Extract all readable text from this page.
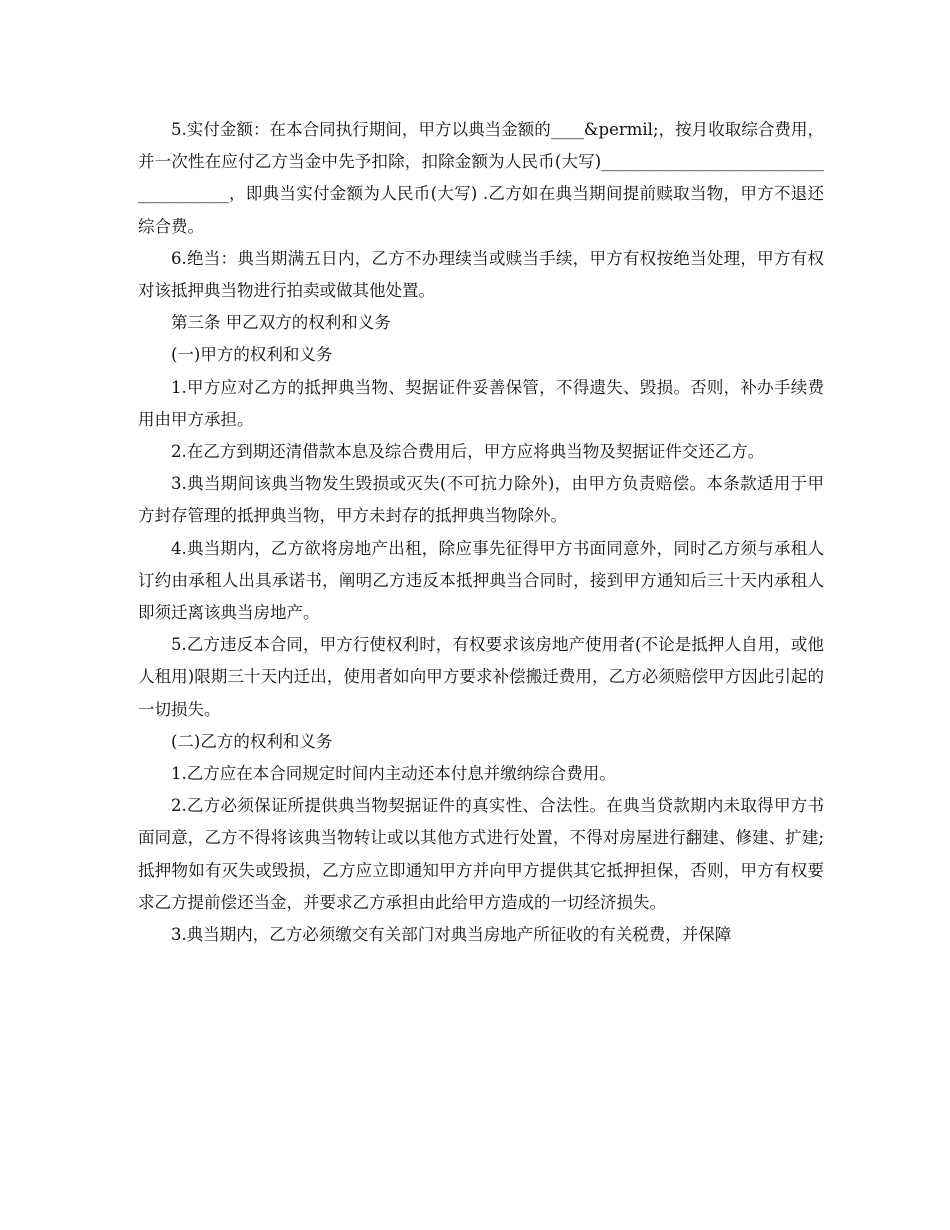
5.实付金额：在本合同执行期间，甲方以典当金额的____&permil;，按月收取综合费用，并一次性在应付乙方当金中先予扣除，扣除金额为人民币(大写)______________________________________，即典当实付金额为人民币(大写) .乙方如在典当期间提前赎取当物，甲方不退还综合费。

6.绝当：典当期满五日内，乙方不办理续当或赎当手续，甲方有权按绝当处理，甲方有权对该抵押典当物进行拍卖或做其他处置。

第三条 甲乙双方的权利和义务

(一)甲方的权利和义务

1.甲方应对乙方的抵押典当物、契据证件妥善保管，不得遗失、毁损。否则，补办手续费用由甲方承担。

2.在乙方到期还清借款本息及综合费用后，甲方应将典当物及契据证件交还乙方。

3.典当期间该典当物发生毁损或灭失(不可抗力除外)，由甲方负责赔偿。本条款适用于甲方封存管理的抵押典当物，甲方未封存的抵押典当物除外。

4.典当期内，乙方欲将房地产出租，除应事先征得甲方书面同意外，同时乙方须与承租人订约由承租人出具承诺书，阐明乙方违反本抵押典当合同时，接到甲方通知后三十天内承租人即须迁离该典当房地产。

5.乙方违反本合同，甲方行使权利时，有权要求该房地产使用者(不论是抵押人自用，或他人租用)限期三十天内迁出，使用者如向甲方要求补偿搬迁费用，乙方必须赔偿甲方因此引起的一切损失。

(二)乙方的权利和义务

1.乙方应在本合同规定时间内主动还本付息并缴纳综合费用。

2.乙方必须保证所提供典当物契据证件的真实性、合法性。在典当贷款期内未取得甲方书面同意，乙方不得将该典当物转让或以其他方式进行处置，不得对房屋进行翻建、修建、扩建;抵押物如有灭失或毁损，乙方应立即通知甲方并向甲方提供其它抵押担保，否则，甲方有权要求乙方提前偿还当金，并要求乙方承担由此给甲方造成的一切经济损失。

3.典当期内，乙方必须缴交有关部门对典当房地产所征收的有关税费，并保障
